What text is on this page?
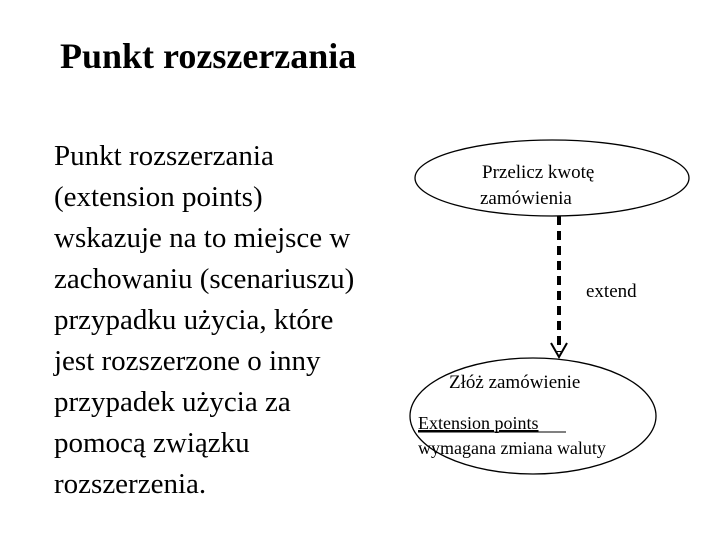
Punkt rozszerzania
Punkt rozszerzania
(extension points)
wskazuje na to miejsce w
zachowaniu (scenariuszu)
przypadku użycia, które
jest rozszerzone o inny
przypadek użycia za
pomocą związku
rozszerzenia.
Przelicz kwotę
zamówienia
extend
Złóż zamówienie
Extension points
wymagana zmiana waluty
